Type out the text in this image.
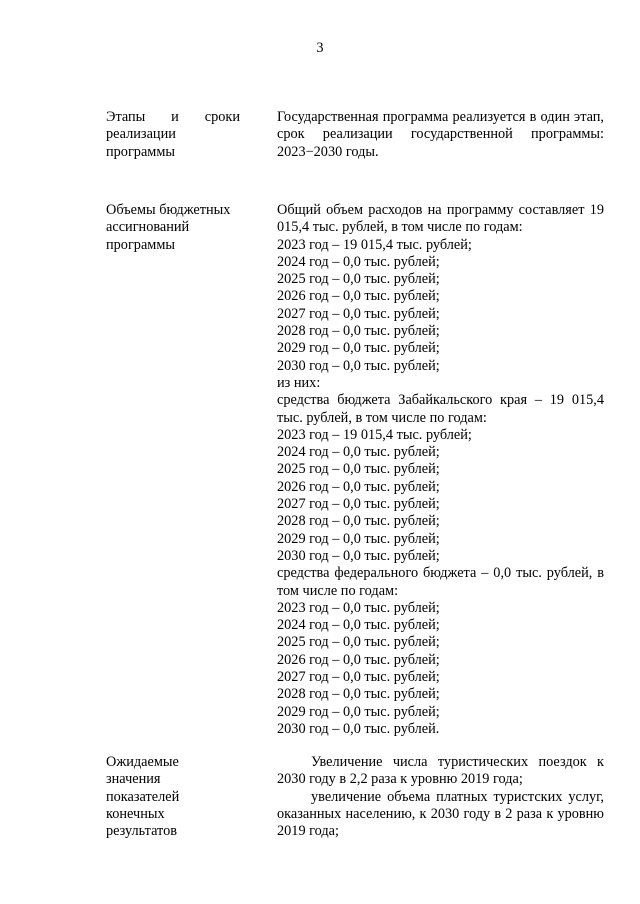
3
Этапы и сроки
реализации
программы

Государственная программа реализуется в один этап, срок реализации государственной программы: 2023−2030 годы.

Объемы бюджетных
ассигнований
программы

Общий объем расходов на программу составляет 19 015,4 тыс. рублей, в том числе по годам:

2023 год – 19 015,4 тыс. рублей;
2024 год – 0,0 тыс. рублей;
2025 год – 0,0 тыс. рублей;
2026 год – 0,0 тыс. рублей;
2027 год – 0,0 тыс. рублей;
2028 год – 0,0 тыс. рублей;
2029 год – 0,0 тыс. рублей;
2030 год – 0,0 тыс. рублей;
из них:

средства бюджета Забайкальского края – 19 015,4 тыс. рублей, в том числе по годам:

2023 год – 19 015,4 тыс. рублей;
2024 год – 0,0 тыс. рублей;
2025 год – 0,0 тыс. рублей;
2026 год – 0,0 тыс. рублей;
2027 год – 0,0 тыс. рублей;
2028 год – 0,0 тыс. рублей;
2029 год – 0,0 тыс. рублей;
2030 год – 0,0 тыс. рублей;

средства федерального бюджета – 0,0 тыс. рублей, в том числе по годам:

2023 год – 0,0 тыс. рублей;
2024 год – 0,0 тыс. рублей;
2025 год – 0,0 тыс. рублей;
2026 год – 0,0 тыс. рублей;
2027 год – 0,0 тыс. рублей;
2028 год – 0,0 тыс. рублей;
2029 год – 0,0 тыс. рублей;
2030 год – 0,0 тыс. рублей.
Ожидаемые
значения
показателей
конечных
результатов

Увеличение числа туристических поездок к 2030 году в 2,2 раза к уровню 2019 года;

увеличение объема платных туристских услуг, оказанных населению, к 2030 году в 2 раза к уровню 2019 года;
